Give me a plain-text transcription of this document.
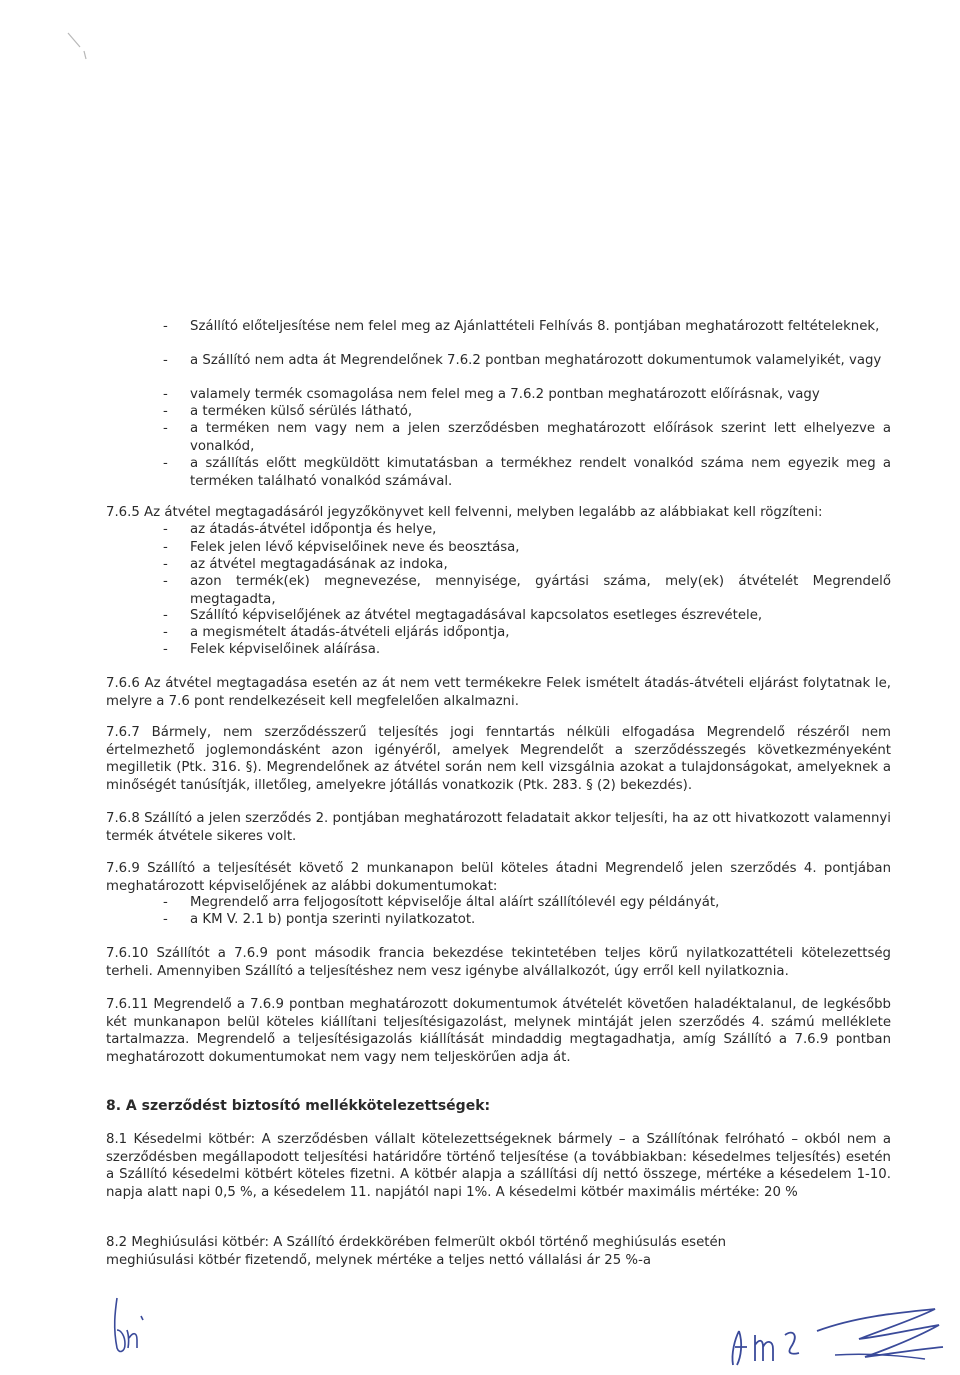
- Szállító előteljesítése nem felel meg az Ajánlattételi Felhívás 8. pontjában meghatározott feltételeknek,
- a Szállító nem adta át Megrendelőnek 7.6.2 pontban meghatározott dokumentumok valamelyikét, vagy
- valamely termék csomagolása nem felel meg a 7.6.2 pontban meghatározott előírásnak, vagy
- a terméken külső sérülés látható,
- a terméken nem vagy nem a jelen szerződésben meghatározott előírások szerint lett elhelyezve a vonalkód,
- a szállítás előtt megküldött kimutatásban a termékhez rendelt vonalkód száma nem egyezik meg a terméken található vonalkód számával.

7.6.5 Az átvétel megtagadásáról jegyzőkönyvet kell felvenni, melyben legalább az alábbiakat kell rögzíteni:

- az átadás-átvétel időpontja és helye,
- Felek jelen lévő képviselőinek neve és beosztása,
- az átvétel megtagadásának az indoka,
- azon termék(ek) megnevezése, mennyisége, gyártási száma, mely(ek) átvételét Megrendelő megtagadta,
- Szállító képviselőjének az átvétel megtagadásával kapcsolatos esetleges észrevétele,
- a megismételt átadás-átvételi eljárás időpontja,
- Felek képviselőinek aláírása.

7.6.6 Az átvétel megtagadása esetén az át nem vett termékekre Felek ismételt átadás-átvételi eljárást folytatnak le, melyre a 7.6 pont rendelkezéseit kell megfelelően alkalmazni.

7.6.7 Bármely, nem szerződésszerű teljesítés jogi fenntartás nélküli elfogadása Megrendelő részéről nem értelmezhető joglemondásként azon igényéről, amelyek Megrendelőt a szerződésszegés következményeként megilletik (Ptk. 316. §). Megrendelőnek az átvétel során nem kell vizsgálnia azokat a tulajdonságokat, amelyeknek a minőségét tanúsítják, illetőleg, amelyekre jótállás vonatkozik (Ptk. 283. § (2) bekezdés).

7.6.8 Szállító a jelen szerződés 2. pontjában meghatározott feladatait akkor teljesíti, ha az ott hivatkozott valamennyi termék átvétele sikeres volt.

7.6.9 Szállító a teljesítését követő 2 munkanapon belül köteles átadni Megrendelő jelen szerződés 4. pontjában meghatározott képviselőjének az alábbi dokumentumokat:

- Megrendelő arra feljogosított képviselője által aláírt szállítólevél egy példányát,
- a KM V. 2.1 b) pontja szerinti nyilatkozatot.

7.6.10 Szállítót a 7.6.9 pont második francia bekezdése tekintetében teljes körű nyilatkozattételi kötelezettség terheli. Amennyiben Szállító a teljesítéshez nem vesz igénybe alvállalkozót, úgy erről kell nyilatkoznia.

7.6.11 Megrendelő a 7.6.9 pontban meghatározott dokumentumok átvételét követően haladéktalanul, de legkésőbb két munkanapon belül köteles kiállítani teljesítésigazolást, melynek mintáját jelen szerződés 4. számú melléklete tartalmazza. Megrendelő a teljesítésigazolás kiállítását mindaddig megtagadhatja, amíg Szállító a 7.6.9 pontban meghatározott dokumentumokat nem vagy nem teljeskörűen adja át.

8. A szerződést biztosító mellékkötelezettségek:

8.1 Késedelmi kötbér: A szerződésben vállalt kötelezettségeknek bármely – a Szállítónak felróható – okból nem a szerződésben megállapodott teljesítési határidőre történő teljesítése (a továbbiakban: késedelmes teljesítés) esetén a Szállító késedelmi kötbért köteles fizetni. A kötbér alapja a szállítási díj nettó összege, mértéke a késedelem 1-10. napja alatt napi 0,5 %, a késedelem 11. napjától napi 1%. A késedelmi kötbér maximális mértéke: 20 %

8.2 Meghiúsulási kötbér: A Szállító érdekkörében felmerült okból történő meghiúsulás esetén meghiúsulási kötbér fizetendő, melynek mértéke a teljes nettó vállalási ár 25 %-a
